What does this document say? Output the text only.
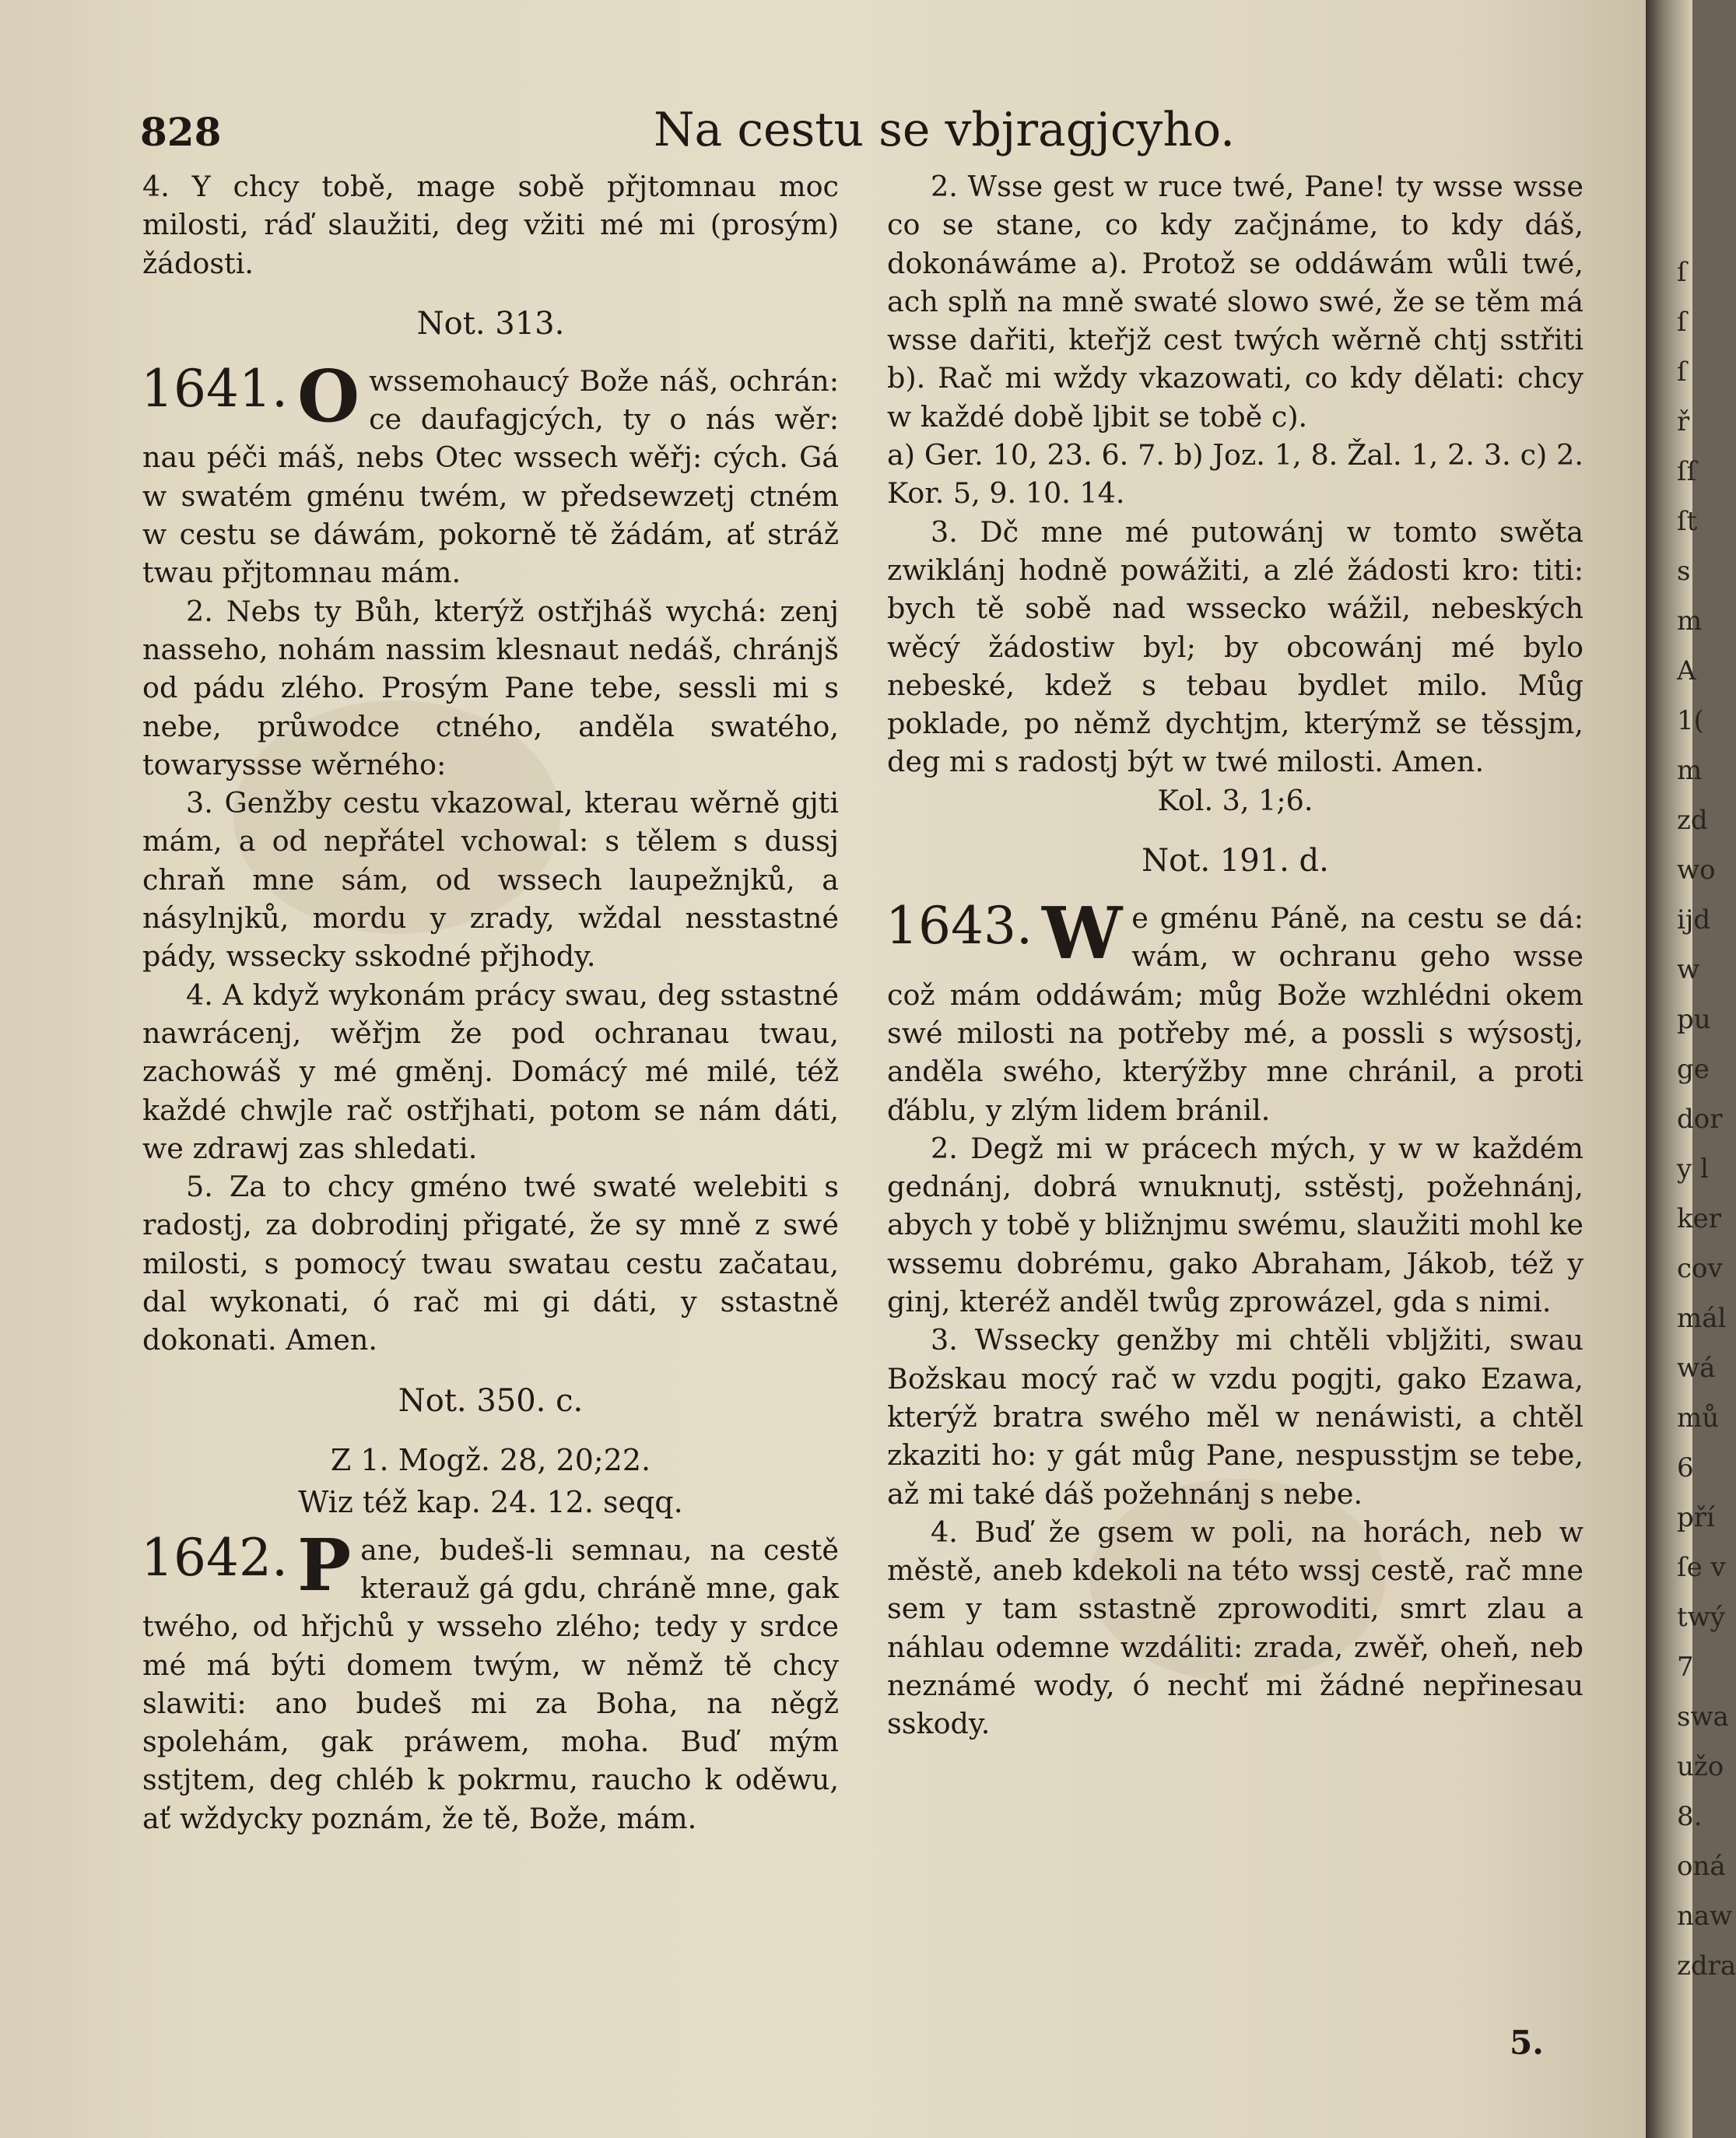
828	Na cestu se vbjragjcyho.

4. Y chcy tobě, mage sobě přjtomnau moc milosti, ráď slaužiti, deg vžiti mé mi (prosým) žádosti.

Not. 313.

1641. O wssemohaucý Bože náš, ochrán: ce daufagjcých, ty o nás wěr: nau péči máš, nebs Otec wssech wěřj: cých. Gá w swatém gménu twém, w předsewzetj ctném w cestu se dáwám, pokorně tě žádám, ať stráž twau přjtomnau mám.

2. Nebs ty Bůh, kterýž ostřjháš wychá: zenj nasseho, nohám nassim klesnaut nedáš, chránjš od pádu zlého. Prosým Pane tebe, sessli mi s nebe, průwodce ctného, anděla swatého, towaryssse wěrného:

3. Genžby cestu vkazowal, kterau wěrně gjti mám, a od nepřátel vchowal: s tělem s dussj chraň mne sám, od wssech laupežnjků, a násylnjků, mordu y zrady, wždal nesstastné pády, wssecky sskodné přjhody.

4. A když wykonám prácy swau, deg sstastné nawrácenj, wěřjm že pod ochranau twau, zachowáš y mé gměnj. Domácý mé milé, též každé chwjle rač ostřjhati, potom se nám dáti, we zdrawj zas shledati.

5. Za to chcy gméno twé swaté welebiti s radostj, za dobrodinj přigaté, že sy mně z swé milosti, s pomocý twau swatau cestu začatau, dal wykonati, ó rač mi gi dáti, y sstastně dokonati. Amen.

Not. 350. c.
Z 1. Mogž. 28, 20;22.
Wiz též kap. 24. 12. seqq.

1642. P ane, budeš-li semnau, na cestě kterauž gá gdu, chráně mne, gak twého, od hřjchů y wsseho zlého; tedy y srdce mé má býti domem twým, w němž tě chcy slawiti: ano budeš mi za Boha, na něgž spolehám, gak práwem, moha. Buď mým sstjtem, deg chléb k pokrmu, raucho k oděwu, ať wždycky poznám, že tě, Bože, mám.

2. Wsse gest w ruce twé, Pane! ty wsse wsse co se stane, co kdy začjnáme, to kdy dáš, dokonáwáme a). Protož se oddáwám wůli twé, ach splň na mně swaté slowo swé, že se těm má wsse dařiti, kteřjž cest twých wěrně chtj sstřiti b). Rač mi wždy vkazowati, co kdy dělati: chcy w každé době ljbit se tobě c).

a) Ger. 10, 23. 6. 7. b) Joz. 1, 8. Žal. 1, 2. 3. c) 2. Kor. 5, 9. 10. 14.

3. Dč mne mé putowánj w tomto swěta zwiklánj hodně powážiti, a zlé žádosti kro: titi: bych tě sobě nad wssecko wážil, nebeských wěcý žádostiw byl; by obcowánj mé bylo nebeské, kdež s tebau bydlet milo. Můg poklade, po němž dychtjm, kterýmž se těssjm, deg mi s radostj být w twé milosti. Amen.

Kol. 3, 1;6.

Not. 191. d.

1643. W e gménu Páně, na cestu se dá: wám, w ochranu geho wsse což mám oddáwám; můg Bože wzhlédni okem swé milosti na potřeby mé, a possli s wýsostj, anděla swého, kterýžby mne chránil, a proti ďáblu, y zlým lidem bránil.

2. Degž mi w prácech mých, y w w každém gednánj, dobrá wnuknutj, sstěstj, požehnánj, abych y tobě y bližnjmu swému, slaužiti mohl ke wssemu dobrému, gako Abraham, Jákob, též y ginj, kteréž anděl twůg zprowázel, gda s nimi.

3. Wssecky genžby mi chtěli vbljžiti, swau Božskau mocý rač w vzdu pogjti, gako Ezawa, kterýž bratra swého měl w nenáwisti, a chtěl zkaziti ho: y gát můg Pane, nespusstjm se tebe, až mi také dáš požehnánj s nebe.

4. Buď že gsem w poli, na horách, neb w městě, aneb kdekoli na této wssj cestě, rač mne sem y tam sstastně zprowoditi, smrt zlau a náhlau odemne wzdáliti: zrada, zwěř, oheň, neb neznámé wody, ó nechť mi žádné nepřinesau sskody.

5.
ſ
ſ
ſ
ř
ſſ
ſt
s
m
A
1(
m
zd
wo
ijd
w
pu
ge
dor
y l
ker
cov
mál
wá
mů
6
pří
ſe v
twý
7
swa
užo
8.
oná
naw
zdra
